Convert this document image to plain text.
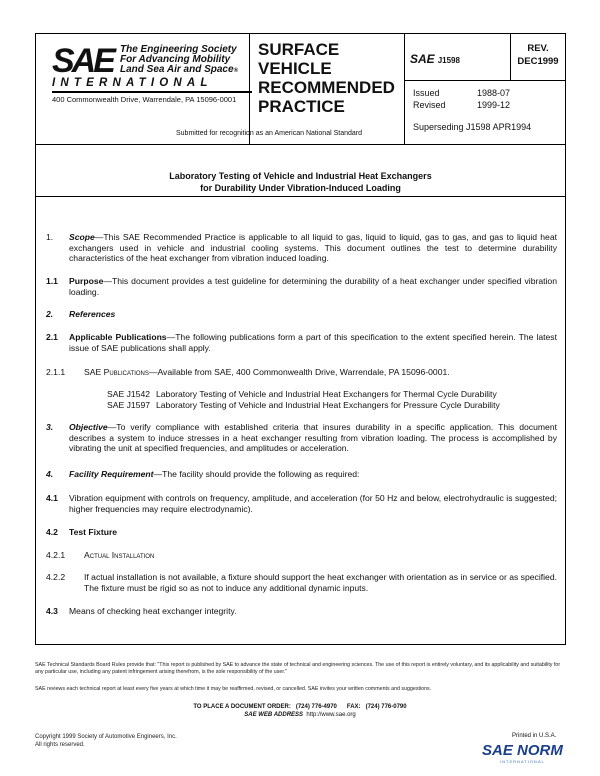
SAE The Engineering Society
For Advancing Mobility
Land Sea Air and Space®
INTERNATIONAL
400 Commonwealth Drive, Warrendale, PA 15096-0001
Submitted for recognition as an American National Standard
SURFACE
VEHICLE
RECOMMENDED
PRACTICE
SAE J1598
REV.
DEC1999
Issued	1988-07
Revised	1999-12
Superseding J1598 APR1994
Laboratory Testing of Vehicle and Industrial Heat Exchangers
for Durability Under Vibration-Induced Loading
1. Scope—This SAE Recommended Practice is applicable to all liquid to gas, liquid to liquid, gas to gas, and gas to liquid heat exchangers used in vehicle and industrial cooling systems. This document outlines the test to determine durability characteristics of the heat exchanger from vibration induced loading.
1.1 Purpose—This document provides a test guideline for determining the durability of a heat exchanger under specified vibration loading.
2. References
2.1 Applicable Publications—The following publications form a part of this specification to the extent specified herein. The latest issue of SAE publications shall apply.
2.1.1 SAE Publications—Available from SAE, 400 Commonwealth Drive, Warrendale, PA 15096-0001.
SAE J1542 Laboratory Testing of Vehicle and Industrial Heat Exchangers for Thermal Cycle Durability
SAE J1597 Laboratory Testing of Vehicle and Industrial Heat Exchangers for Pressure Cycle Durability
3. Objective—To verify compliance with established criteria that insures durability in a specific application. This document describes a system to induce stresses in a heat exchanger resulting from vibration loading. The process is accomplished by vibrating the unit at specified frequencies, and amplitudes or acceleration.
4. Facility Requirement—The facility should provide the following as required:
4.1 Vibration equipment with controls on frequency, amplitude, and acceleration (for 50 Hz and below, electrohydraulic is suggested; higher frequencies may require electrodynamic).
4.2 Test Fixture
4.2.1 Actual Installation
4.2.2 If actual installation is not available, a fixture should support the heat exchanger with orientation as in service or as specified. The fixture must be rigid so as not to induce any additional dynamic inputs.
4.3 Means of checking heat exchanger integrity.
SAE Technical Standards Board Rules provide that: "This report is published by SAE to advance the state of technical and engineering sciences. The use of this report is entirely voluntary, and its applicability and suitability for any particular use, including any patent infringement arising therefrom, is the sole responsibility of the user."
SAE reviews each technical report at least every five years at which time it may be reaffirmed, revised, or cancelled. SAE invites your written comments and suggestions.
TO PLACE A DOCUMENT ORDER: (724) 776-4970 FAX: (724) 776-0790
SAE WEB ADDRESS http://www.sae.org
Copyright 1999 Society of Automotive Engineers, Inc.
All rights reserved.
Printed in U.S.A.
SAE NORM
INTERNATIONAL
